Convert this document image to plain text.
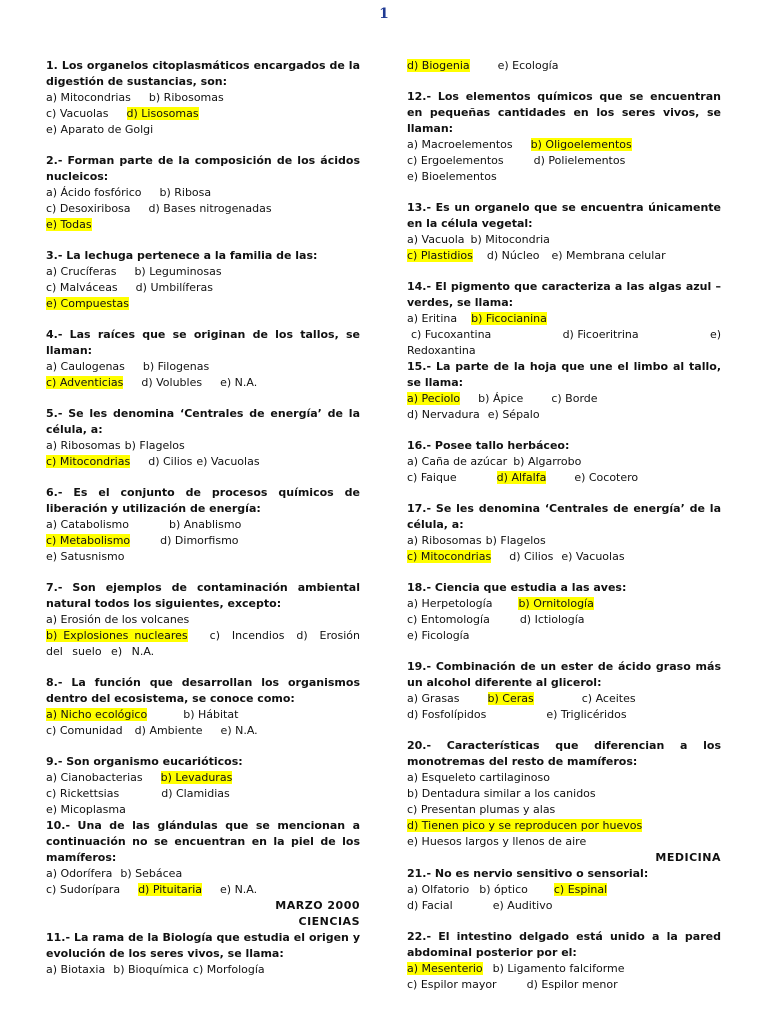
1
1. Los organelos citoplasmáticos encargados de la digestión de sustancias, son:
a) Mitocondrias b) Ribosomas
c) Vacuolas d) Lisosomas
e) Aparato de Golgi
2.- Forman parte de la composición de los ácidos nucleicos:
a) Ácido fosfórico b) Ribosa
c) Desoxiribosa d) Bases nitrogenadas
e) Todas
3.- La lechuga pertenece a la familia de las:
a) Crucíferas b) Leguminosas
c) Malváceas d) Umbilíferas
e) Compuestas
4.- Las raíces que se originan de los tallos, se llaman:
a) Caulogenas b) Filogenas
c) Adventicias d) Volubles e) N.A.
5.- Se les denomina ‘Centrales de energía’ de la célula, a:
a) Ribosomas b) Flagelos
c) Mitocondrias d) Cilios e) Vacuolas
6.- Es el conjunto de procesos químicos de liberación y utilización de energía:
a) Catabolismo	b) Anablismo
c) Metabolismo	d) Dimorfismo
e) Satusnismo
7.- Son ejemplos de contaminación ambiental natural todos los siguientes, excepto:
a) Erosión de los volcanes
b) Explosiones nucleares c) Incendios d) Erosión del suelo e) N.A.
8.- La función que desarrollan los organismos dentro del ecosistema, se conoce como:
a) Nicho ecológico	b) Hábitat
c) Comunidad d) Ambiente e) N.A.
9.- Son organismo eucarióticos:
a) Cianobacterias b) Levaduras
c) Rickettsias	d) Clamidias
e) Micoplasma
10.- Una de las glándulas que se mencionan a continuación no se encuentran en la piel de los mamíferos:
a) Odorífera b) Sebácea
c) Sudorípara d) Pituitaria e) N.A.
MARZO 2000
CIENCIAS
11.- La rama de la Biología que estudia el origen y evolución de los seres vivos, se llama:
a) Biotaxia b) Bioquímica c) Morfología
d) Biogenia	e) Ecología
12.- Los elementos químicos que se encuentran en pequeñas cantidades en los seres vivos, se llaman:
a) Macroelementos b) Oligoelementos
c) Ergoelementos	d) Polielementos
e) Bioelementos
13.- Es un organelo que se encuentra únicamente en la célula vegetal:
a) Vacuola b) Mitocondria
c) Plastidios d) Núcleo e) Membrana celular
14.- El pigmento que caracteriza a las algas azul – verdes, se llama:
a) Eritina b) Ficocianina
c) Fucoxantina	d) Ficoeritrina	e)
Redoxantina
15.- La parte de la hoja que une el limbo al tallo, se llama:
a) Peciolo b) Ápice	c) Borde
d) Nervadura e) Sépalo
16.- Posee tallo herbáceo:
a) Caña de azúcar b) Algarrobo
c) Faique	d) Alfalfa	e) Cocotero
17.- Se les denomina ‘Centrales de energía’ de la célula, a:
a) Ribosomas b) Flagelos
c) Mitocondrias d) Cilios e) Vacuolas
18.- Ciencia que estudia a las aves:
a) Herpetología b) Ornitología
c) Entomología	d) Ictiología
e) Ficología
19.- Combinación de un ester de ácido graso más un alcohol diferente al glicerol:
a) Grasas	b) Ceras	c) Aceites
d) Fosfolípidos	e) Triglicéridos
20.- Características que diferencian a los monotremas del resto de mamíferos:
a) Esqueleto cartilaginoso
b) Dentadura similar a los canidos
c) Presentan plumas y alas
d) Tienen pico y se reproducen por huevos
e) Huesos largos y llenos de aire
MEDICINA
21.- No es nervio sensitivo o sensorial:
a) Olfatorio b) óptico c) Espinal
d) Facial	e) Auditivo
22.- El intestino delgado está unido a la pared abdominal posterior por el:
a) Mesenterio b) Ligamento falciforme
c) Espilor mayor	d) Espilor menor
